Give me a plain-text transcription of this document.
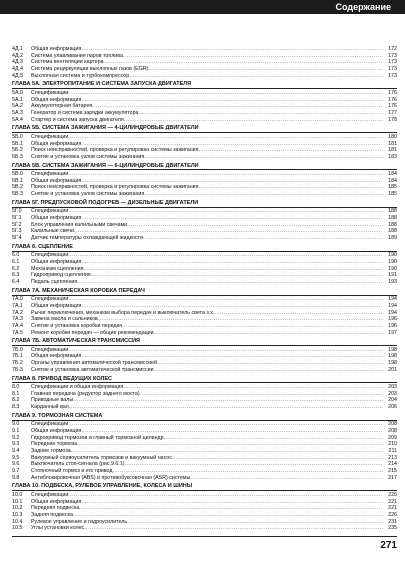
Содержание
4Д.1	Общая информация .....	172
4Д.2	Система улавливания паров топлива .....	173
4Д.3	Система вентиляции картера .....	173
4Д.4	Система рециркуляции выхлопных газов (EGR) .....	173
4Д.5	Выхлопная система и турбокомпрессор .....	173
ГЛАВА 5А. ЭЛЕКТРОПИТАНИЕ И СИСТЕМА ЗАПУСКА ДВИГАТЕЛЯ
5А.0	Спецификации .....	176
5А.1	Общая информация .....	176
5А.2	Аккумуляторная батарея .....	176
5А.3	Генератор и система зарядки аккумулятора .....	177
5А.4	Стартер и система запуска двигателя .....	178
ГЛАВА 5Б. СИСТЕМА ЗАЖИГАНИЯ — 4-ЦИЛИНДРОВЫЕ ДВИГАТЕЛИ
5Б.0	Спецификации .....	180
5Б.1	Общая информация .....	181
5Б.2	Поиск неисправностей, проверка и регулировка системы зажигания .....	181
5Б.3	Снятие и установка узлов системы зажигания .....	183
ГЛАВА 5В. СИСТЕМА ЗАЖИГАНИЯ — 6-ЦИЛИНДРОВЫЕ ДВИГАТЕЛИ
5В.0	Спецификации .....	184
5В.1	Общая информация .....	184
5В.2	Поиск неисправностей, проверка и регулировка системы зажигания .....	185
5В.3	Снятие и установка узлов системы зажигания .....	185
ГЛАВА 5Г. ПРЕДПУСКОВОЙ ПОДОГРЕВ — ДИЗЕЛЬНЫЕ ДВИГАТЕЛИ
5Г.0	Спецификации .....	188
5Г.1	Общая информация .....	188
5Г.2	Блок управления калильными свечами .....	188
5Г.3	Калильные свечи .....	188
5Г.4	Датчик температуры охлаждающей жидкости .....	189
ГЛАВА 6. СЦЕПЛЕНИЕ
6.0	Спецификации .....	190
6.1	Общая информация .....	190
6.2	Механизм сцепления .....	190
6.3	Гидропривод сцепления .....	191
6.4	Педаль сцепления .....	193
ГЛАВА 7А. МЕХАНИЧЕСКАЯ КОРОБКА ПЕРЕДАЧ
7А.0	Спецификации .....	194
7А.1	Общая информация .....	194
7А.2	Рычаг переключения, механизм выбора передач и выключатель света з.х. .....	194
7А.3	Замена масла и сальников .....	196
7А.4	Снятие и установка коробки передач .....	196
7А.5	Ремонт коробки передач — общие рекомендации .....	197
ГЛАВА 7Б. АВТОМАТИЧЕСКАЯ ТРАНСМИССИЯ
7Б.0	Спецификации .....	198
7Б.1	Общая информация .....	198
7Б.2	Органы управления автоматической трансмиссией .....	198
7Б.3	Снятие и установка автоматической трансмиссии .....	201
ГЛАВА 8. ПРИВОД ВЕДУЩИХ КОЛЕС
8.0	Спецификации и общая информация .....	203
8.1	Главная передача (редуктор заднего моста) .....	203
8.2	Приводные валы .....	204
8.3	Карданный вал .....	206
ГЛАВА 9. ТОРМОЗНАЯ СИСТЕМА
9.0	Спецификации .....	208
9.1	Общая информация .....	208
9.2	Гидропривод тормозов и главный тормозной цилиндр .....	209
9.3	Передние тормоза .....	210
9.4	Задние тормоза .....	211
9.5	Вакуумный сервоусилитель тормозов и вакуумный насос .....	213
9.6	Выключатель стоп-сигнала (рис.9.6.1) .....	214
9.7	Стояночный тормоз и его привод .....	215
9.8	Антиблокировочная (ABS) и противобуксовочная (ASR) системы .....	217
ГЛАВА 10. ПОДВЕСКА, РУЛЕВОЕ УПРАВЛЕНИЕ, КОЛЕСА И ШИНЫ
10.0	Спецификации .....	220
10.1	Общая информация .....	221
10.2	Передняя подвеска .....	221
10.3	Задняя подвеска .....	226
10.4	Рулевое управление и гидроусилитель .....	231
10.5	Углы установки колес .....	235
271
